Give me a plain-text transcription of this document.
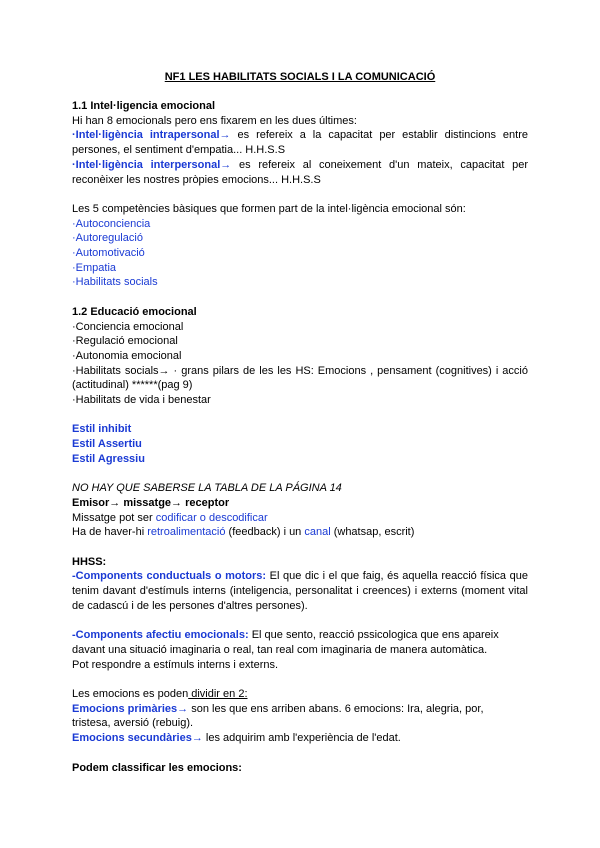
NF1 LES HABILITATS SOCIALS I LA COMUNICACIÓ
1.1 Intel·ligencia emocional
Hi han 8 emocionals pero ens fixarem en les dues últimes:
·Intel·ligència intrapersonal→ es refereix a la capacitat per establir distincions entre
persones, el sentiment d'empatia... H.H.S.S
·Intel·ligència interpersonal→ es refereix al coneixement d'un mateix, capacitat per
reconèixer les nostres pròpies emocions... H.H.S.S
Les 5 competències bàsiques que formen part de la intel·ligència emocional són:
·Autoconciencia
·Autoregulació
·Automotivació
·Empatia
·Habilitats socials
1.2 Educació emocional
·Conciencia emocional
·Regulació emocional
·Autonomia emocional
·Habilitats socials→ · grans pilars de les les HS: Emocions , pensament (cognitives) i acció
(actitudinal) ******(pag 9)
·Habilitats de vida i benestar
Estil inhibit
Estil Assertiu
Estil Agressiu
NO HAY QUE SABERSE LA TABLA DE LA PÁGINA 14
Emisor→ missatge→ receptor
Missatge pot ser codificar o descodificar
Ha de haver-hi retroalimentació (feedback) i un canal (whatsap, escrit)
HHSS:
-Components conductuals o motors: El que dic i el que faig, és aquella reacció física que
tenim davant d'estímuls interns (inteligencia, personalitat i creences) i externs (moment vital
de cadascú i de les persones d'altres persones).
-Components afectiu emocionals: El que sento, reacció pssicologica que ens apareix
davant una situació imaginaria o real, tan real com imaginaria de manera automàtica.
Pot respondre a estímuls interns i externs.
Les emocions es poden dividir en 2:
Emocions primàries→ son les que ens arriben abans. 6 emocions: Ira, alegria, por,
tristesa, aversió (rebuig).
Emocions secundàries→ les adquirim amb l'experiència de l'edat.
Podem classificar les emocions:
